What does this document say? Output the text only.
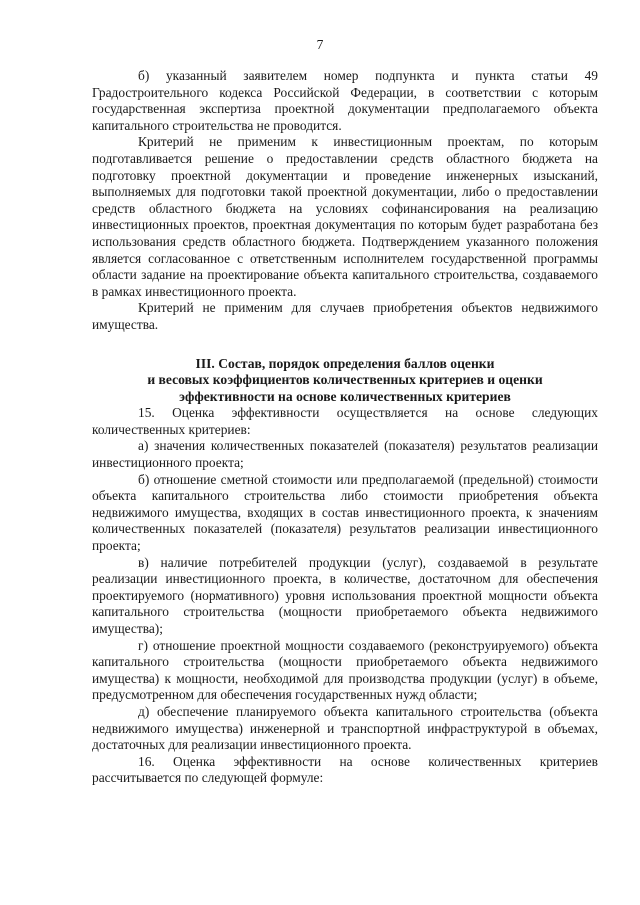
7

б) указанный заявителем номер подпункта и пункта статьи 49 Градостроительного кодекса Российской Федерации, в соответствии с которым государственная экспертиза проектной документации предполагаемого объекта капитального строительства не проводится.

Критерий не применим к инвестиционным проектам, по которым подготавливается решение о предоставлении средств областного бюджета на подготовку проектной документации и проведение инженерных изысканий, выполняемых для подготовки такой проектной документации, либо о предоставлении средств областного бюджета на условиях софинансирования на реализацию инвестиционных проектов, проектная документация по которым будет разработана без использования средств областного бюджета. Подтверждением указанного положения является согласованное с ответственным исполнителем государственной программы области задание на проектирование объекта капитального строительства, создаваемого в рамках инвестиционного проекта.

Критерий не применим для случаев приобретения объектов недвижимого имущества.

III. Состав, порядок определения баллов оценки
и весовых коэффициентов количественных критериев и оценки
эффективности на основе количественных критериев

15. Оценка эффективности осуществляется на основе следующих количественных критериев:

а) значения количественных показателей (показателя) результатов реализации инвестиционного проекта;

б) отношение сметной стоимости или предполагаемой (предельной) стоимости объекта капитального строительства либо стоимости приобретения объекта недвижимого имущества, входящих в состав инвестиционного проекта, к значениям количественных показателей (показателя) результатов реализации инвестиционного проекта;

в) наличие потребителей продукции (услуг), создаваемой в результате реализации инвестиционного проекта, в количестве, достаточном для обеспечения проектируемого (нормативного) уровня использования проектной мощности объекта капитального строительства (мощности приобретаемого объекта недвижимого имущества);

г) отношение проектной мощности создаваемого (реконструируемого) объекта капитального строительства (мощности приобретаемого объекта недвижимого имущества) к мощности, необходимой для производства продукции (услуг) в объеме, предусмотренном для обеспечения государственных нужд области;

д) обеспечение планируемого объекта капитального строительства (объекта недвижимого имущества) инженерной и транспортной инфраструктурой в объемах, достаточных для реализации инвестиционного проекта.

16. Оценка эффективности на основе количественных критериев рассчитывается по следующей формуле:
